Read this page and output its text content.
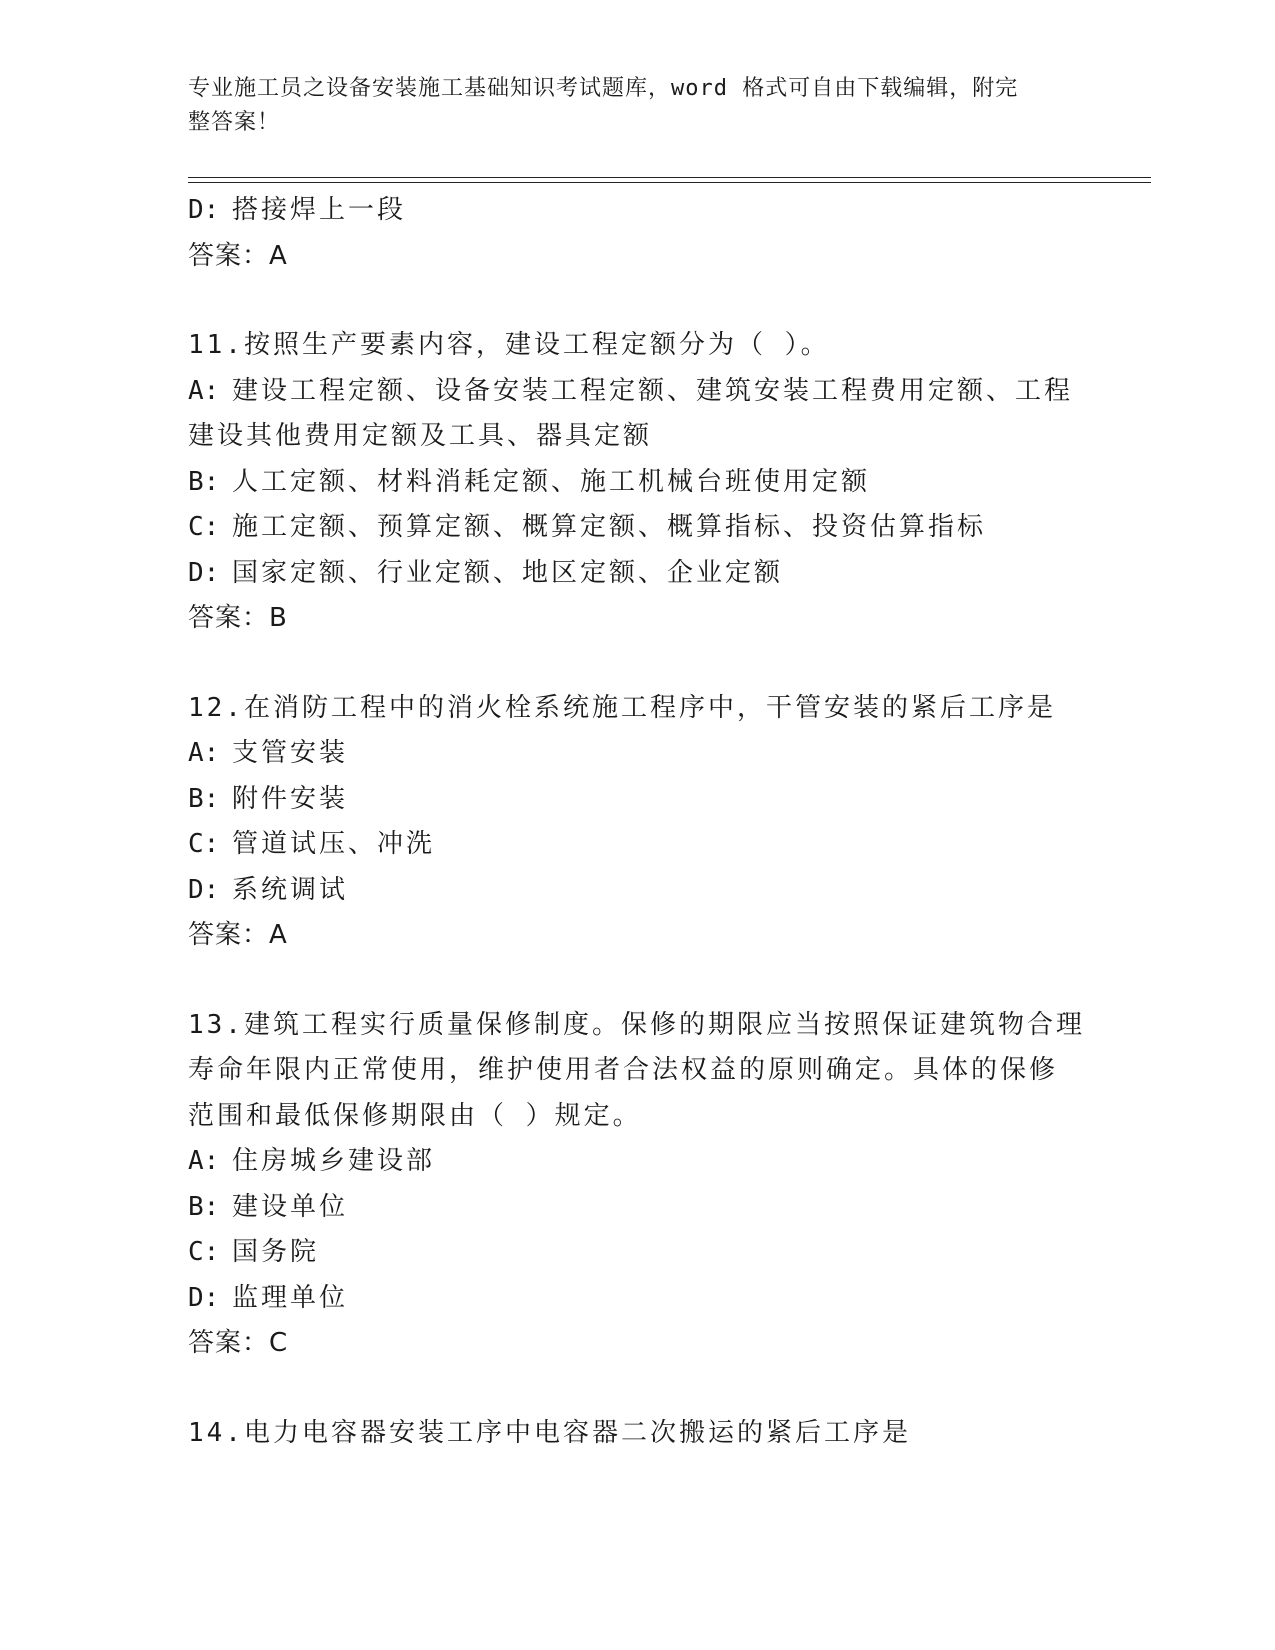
专业施工员之设备安装施工基础知识考试题库，word 格式可自由下载编辑，附完
整答案！
D: 搭接焊上一段
答案：A
11.按照生产要素内容，建设工程定额分为（ ）。
A: 建设工程定额、设备安装工程定额、建筑安装工程费用定额、工程
建设其他费用定额及工具、器具定额
B: 人工定额、材料消耗定额、施工机械台班使用定额
C: 施工定额、预算定额、概算定额、概算指标、投资估算指标
D: 国家定额、行业定额、地区定额、企业定额
答案：B
12.在消防工程中的消火栓系统施工程序中，干管安装的紧后工序是
A: 支管安装
B: 附件安装
C: 管道试压、冲洗
D: 系统调试
答案：A
13.建筑工程实行质量保修制度。保修的期限应当按照保证建筑物合理
寿命年限内正常使用，维护使用者合法权益的原则确定。具体的保修
范围和最低保修期限由（ ）规定。
A: 住房城乡建设部
B: 建设单位
C: 国务院
D: 监理单位
答案：C
14.电力电容器安装工序中电容器二次搬运的紧后工序是
